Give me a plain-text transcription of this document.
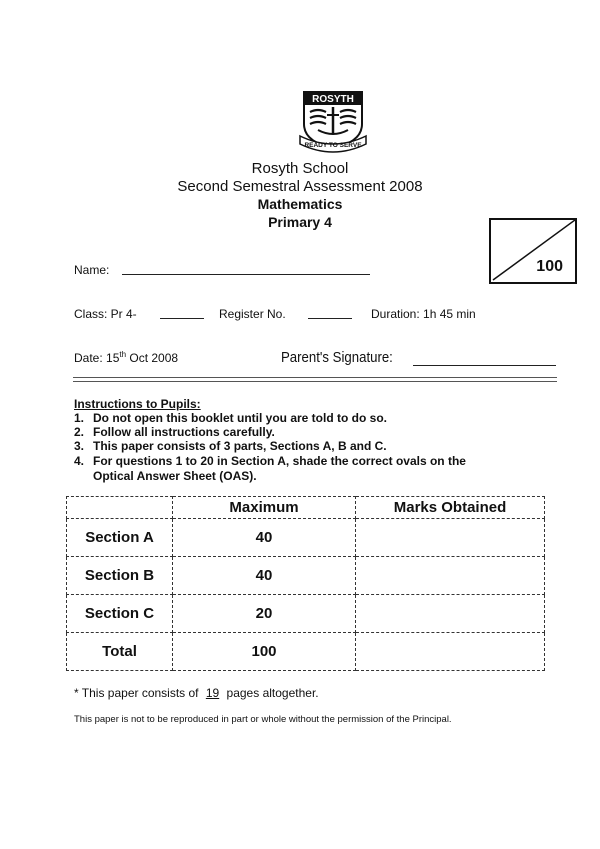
ROSYTH
READY TO SERVE
Rosyth School
Second Semestral Assessment 2008
Mathematics
Primary 4
100
Name:
Class: Pr 4-	Register No.	Duration: 1h 45 min
Date: 15th Oct 2008	Parent's Signature:
Instructions to Pupils:
1. Do not open this booklet until you are told to do so.
2. Follow all instructions carefully.
3. This paper consists of 3 parts, Sections A, B and C.
4. For questions 1 to 20 in Section A, shade the correct ovals on the
Optical Answer Sheet (OAS).
	Maximum	Marks Obtained
Section A	40	
Section B	40	
Section C	20	
Total	100	
* This paper consists of 19 pages altogether.
This paper is not to be reproduced in part or whole without the permission of the Principal.
